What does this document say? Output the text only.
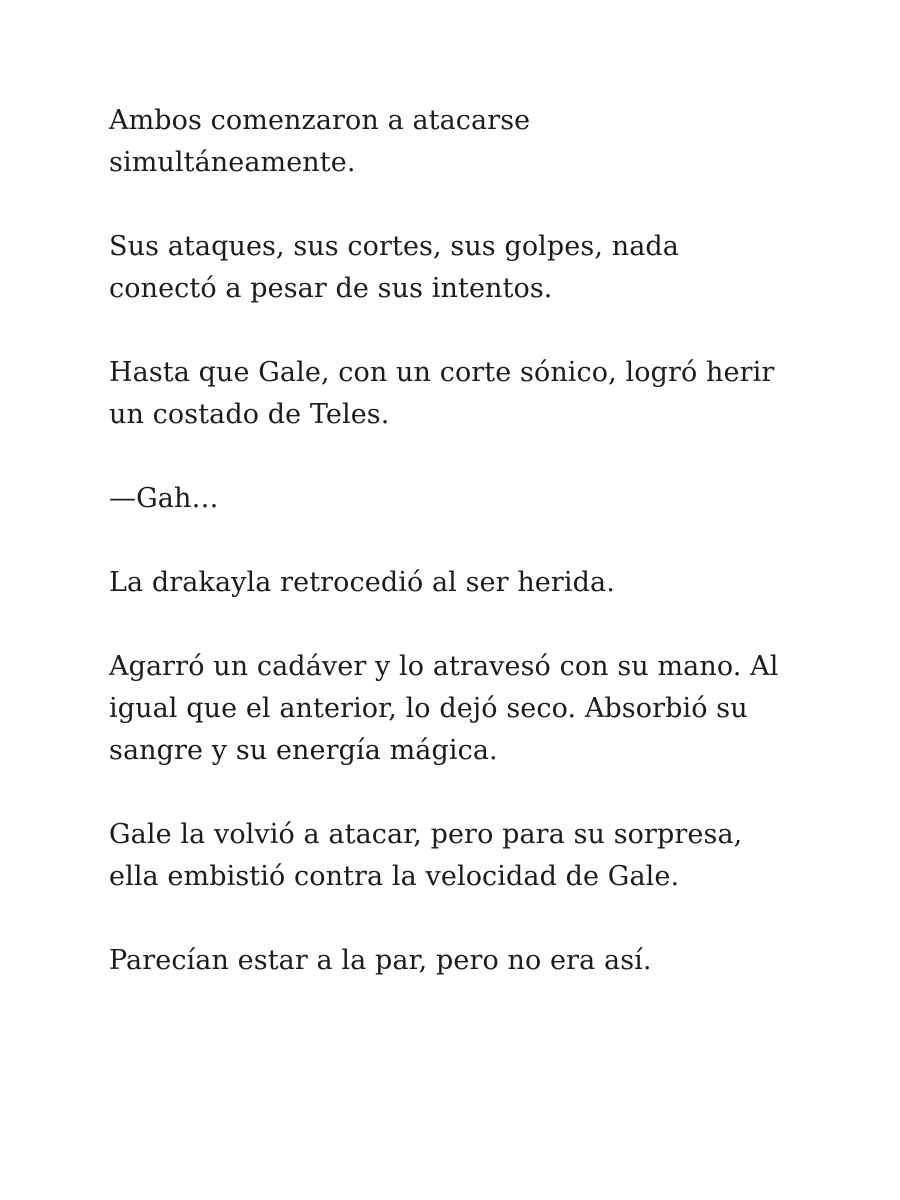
Ambos comenzaron a atacarse
simultáneamente.

Sus ataques, sus cortes, sus golpes, nada
conectó a pesar de sus intentos.

Hasta que Gale, con un corte sónico, logró herir
un costado de Teles.

—Gah…

La drakayla retrocedió al ser herida.

Agarró un cadáver y lo atravesó con su mano. Al
igual que el anterior, lo dejó seco. Absorbió su
sangre y su energía mágica.

Gale la volvió a atacar, pero para su sorpresa,
ella embistió contra la velocidad de Gale.

Parecían estar a la par, pero no era así.
